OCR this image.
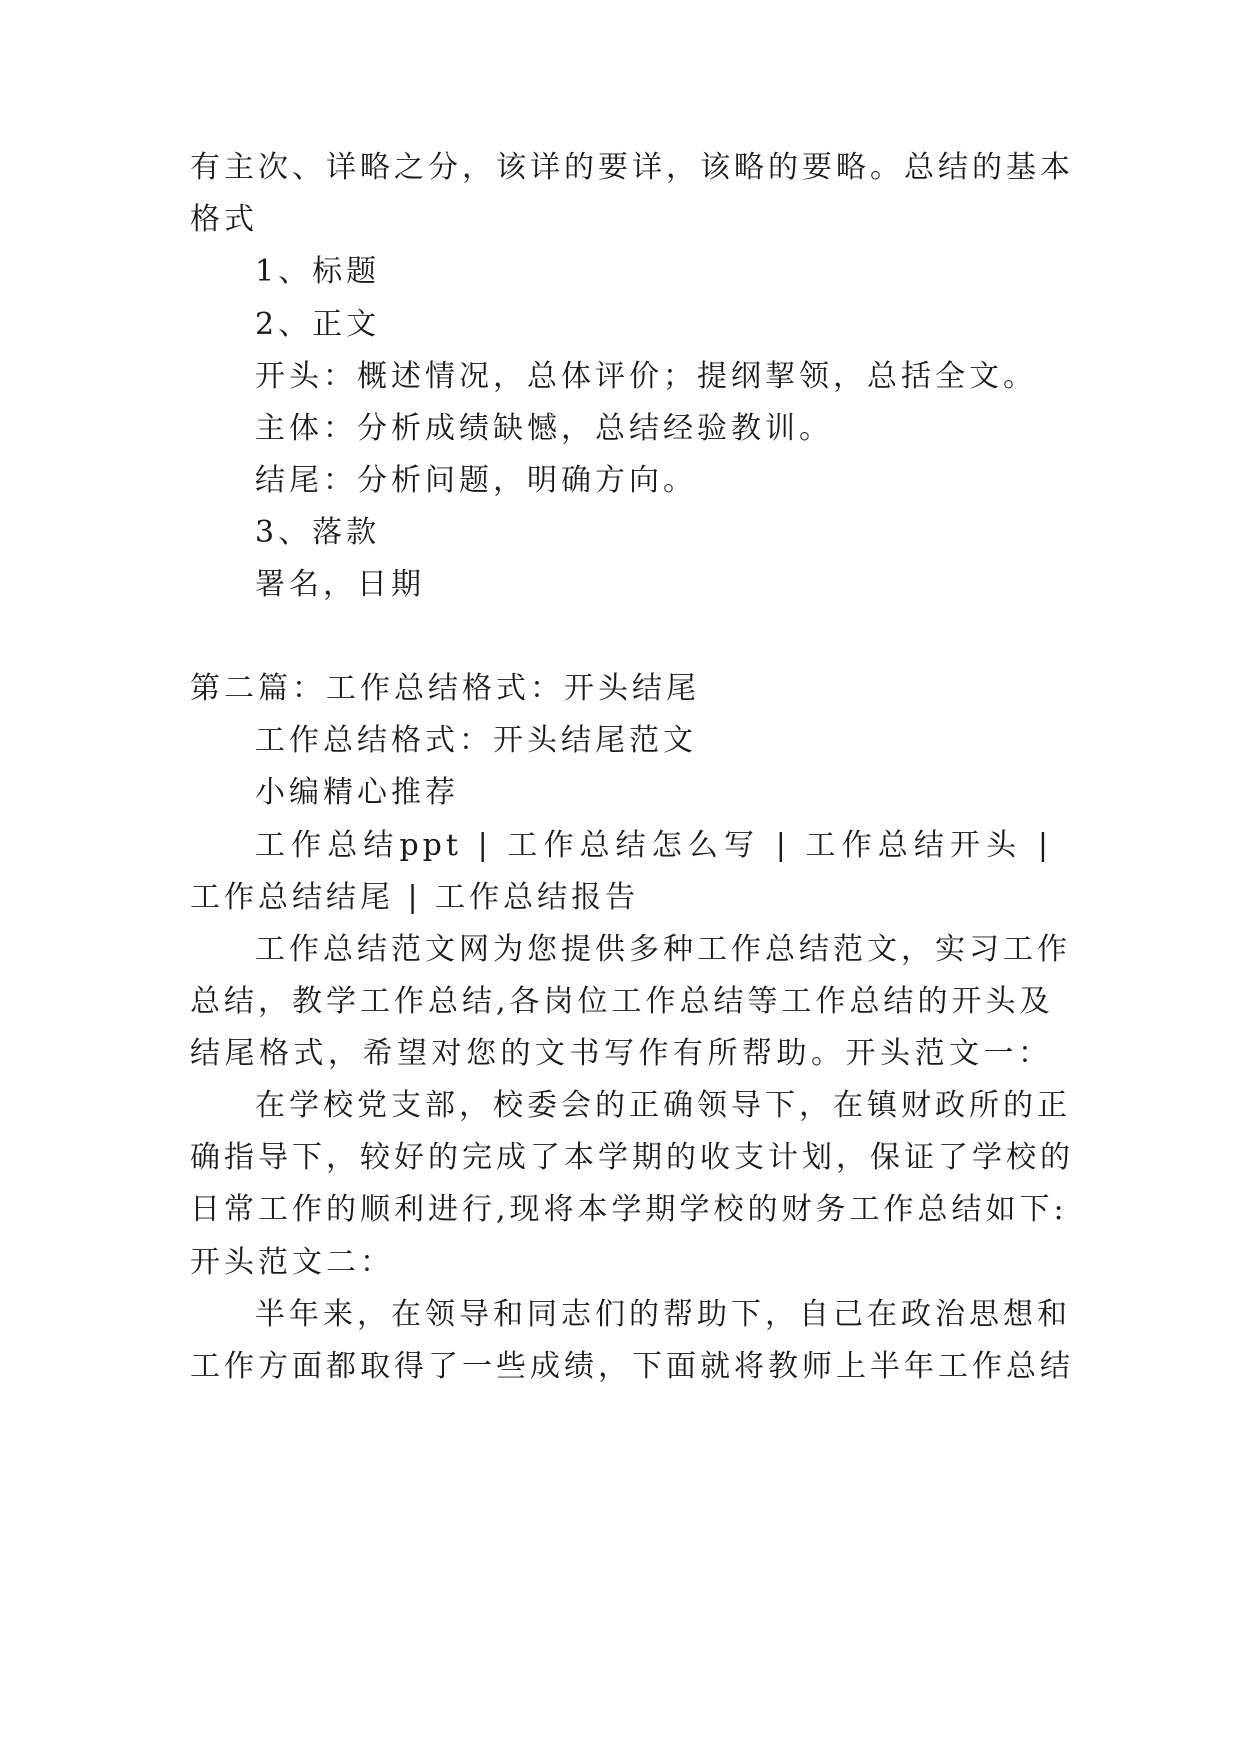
有主次、详略之分，该详的要详，该略的要略。总结的基本
格式
1、标题
2、正文
开头：概述情况，总体评价；提纲挈领，总括全文。
主体：分析成绩缺憾，总结经验教训。
结尾：分析问题，明确方向。
3、落款
署名，日期
第二篇：工作总结格式：开头结尾
工作总结格式：开头结尾范文
小编精心推荐
工作总结ppt | 工作总结怎么写 | 工作总结开头 |
工作总结结尾 | 工作总结报告
工作总结范文网为您提供多种工作总结范文，实习工作
总结，教学工作总结,各岗位工作总结等工作总结的开头及
结尾格式，希望对您的文书写作有所帮助。开头范文一：
在学校党支部，校委会的正确领导下，在镇财政所的正
确指导下，较好的完成了本学期的收支计划，保证了学校的
日常工作的顺利进行,现将本学期学校的财务工作总结如下:
开头范文二：
半年来，在领导和同志们的帮助下，自己在政治思想和
工作方面都取得了一些成绩，下面就将教师上半年工作总结
